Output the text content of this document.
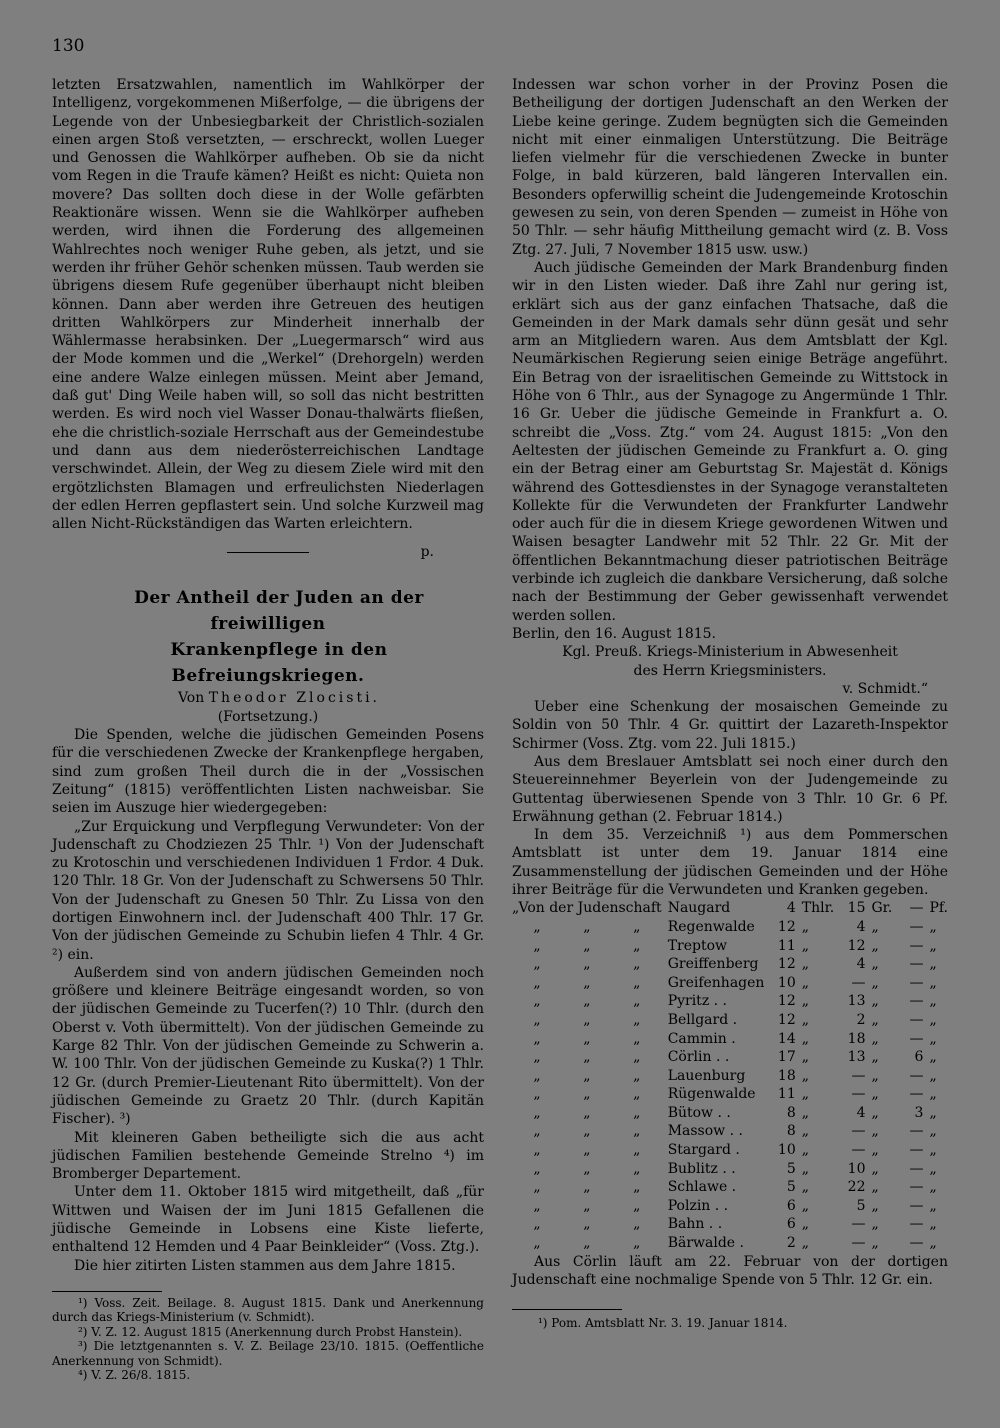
130

letzten Ersatzwahlen, namentlich im Wahlkörper der Intelligenz, vorgekommenen Mißerfolge, — die übrigens der Legende von der Unbesiegbarkeit der Christlich-sozialen einen argen Stoß versetzten, — erschreckt, wollen Lueger und Genossen die Wahlkörper aufheben. Ob sie da nicht vom Regen in die Traufe kämen? Heißt es nicht: Quieta non movere? Das sollten doch diese in der Wolle gefärbten Reaktionäre wissen. Wenn sie die Wahlkörper aufheben werden, wird ihnen die Forderung des allgemeinen Wahlrechtes noch weniger Ruhe geben, als jetzt, und sie werden ihr früher Gehör schenken müssen. Taub werden sie übrigens diesem Rufe gegenüber überhaupt nicht bleiben können. Dann aber werden ihre Getreuen des heutigen dritten Wahlkörpers zur Minderheit innerhalb der Wählermasse herabsinken. Der „Luegermarsch“ wird aus der Mode kommen und die „Werkel“ (Drehorgeln) werden eine andere Walze einlegen müssen. Meint aber Jemand, daß gut' Ding Weile haben will, so soll das nicht bestritten werden. Es wird noch viel Wasser Donau-thalwärts fließen, ehe die christlich-soziale Herrschaft aus der Gemeindestube und dann aus dem niederösterreichischen Landtage verschwindet. Allein, der Weg zu diesem Ziele wird mit den ergötzlichsten Blamagen und erfreulichsten Niederlagen der edlen Herren gepflastert sein. Und solche Kurzweil mag allen Nicht-Rückständigen das Warten erleichtern.

p.

Der Antheil der Juden an der freiwilligen

Krankenpflege in den Befreiungskriegen.

Von Theodor Zlocisti.

(Fortsetzung.)

Die Spenden, welche die jüdischen Gemeinden Posens für die verschiedenen Zwecke der Krankenpflege hergaben, sind zum großen Theil durch die in der „Vossischen Zeitung“ (1815) veröffentlichten Listen nachweisbar. Sie seien im Auszuge hier wiedergegeben:

„Zur Erquickung und Verpflegung Verwundeter: Von der Judenschaft zu Chodziezen 25 Thlr. ¹) Von der Judenschaft zu Krotoschin und verschiedenen Individuen 1 Frdor. 4 Duk. 120 Thlr. 18 Gr. Von der Judenschaft zu Schwersens 50 Thlr. Von der Judenschaft zu Gnesen 50 Thlr. Zu Lissa von den dortigen Einwohnern incl. der Judenschaft 400 Thlr. 17 Gr. Von der jüdischen Gemeinde zu Schubin liefen 4 Thlr. 4 Gr. ²) ein.

Außerdem sind von andern jüdischen Gemeinden noch größere und kleinere Beiträge eingesandt worden, so von der jüdischen Gemeinde zu Tucerfen(?) 10 Thlr. (durch den Oberst v. Voth übermittelt). Von der jüdischen Gemeinde zu Karge 82 Thlr. Von der jüdischen Gemeinde zu Schwerin a. W. 100 Thlr. Von der jüdischen Gemeinde zu Kuska(?) 1 Thlr. 12 Gr. (durch Premier-Lieutenant Rito übermittelt). Von der jüdischen Gemeinde zu Graetz 20 Thlr. (durch Kapitän Fischer). ³)

Mit kleineren Gaben betheiligte sich die aus acht jüdischen Familien bestehende Gemeinde Strelno ⁴) im Bromberger Departement.

Unter dem 11. Oktober 1815 wird mitgetheilt, daß „für Wittwen und Waisen der im Juni 1815 Gefallenen die jüdische Gemeinde in Lobsens eine Kiste lieferte, enthaltend 12 Hemden und 4 Paar Beinkleider“ (Voss. Ztg.).

Die hier zitirten Listen stammen aus dem Jahre 1815.

¹) Voss. Zeit. Beilage. 8. August 1815. Dank und Anerkennung durch das Kriegs-Ministerium (v. Schmidt).

²) V. Z. 12. August 1815 (Anerkennung durch Probst Hanstein).

³) Die letztgenannten s. V. Z. Beilage 23/10. 1815. (Oeffentliche Anerkennung von Schmidt).

⁴) V. Z. 26/8. 1815.

Indessen war schon vorher in der Provinz Posen die Betheiligung der dortigen Judenschaft an den Werken der Liebe keine geringe. Zudem begnügten sich die Gemeinden nicht mit einer einmaligen Unterstützung. Die Beiträge liefen vielmehr für die verschiedenen Zwecke in bunter Folge, in bald kürzeren, bald längeren Intervallen ein. Besonders opferwillig scheint die Judengemeinde Krotoschin gewesen zu sein, von deren Spenden — zumeist in Höhe von 50 Thlr. — sehr häufig Mittheilung gemacht wird (z. B. Voss Ztg. 27. Juli, 7 November 1815 usw. usw.)

Auch jüdische Gemeinden der Mark Brandenburg finden wir in den Listen wieder. Daß ihre Zahl nur gering ist, erklärt sich aus der ganz einfachen Thatsache, daß die Gemeinden in der Mark damals sehr dünn gesät und sehr arm an Mitgliedern waren. Aus dem Amtsblatt der Kgl. Neumärkischen Regierung seien einige Beträge angeführt. Ein Betrag von der israelitischen Gemeinde zu Wittstock in Höhe von 6 Thlr., aus der Synagoge zu Angermünde 1 Thlr. 16 Gr. Ueber die jüdische Gemeinde in Frankfurt a. O. schreibt die „Voss. Ztg.“ vom 24. August 1815: „Von den Aeltesten der jüdischen Gemeinde zu Frankfurt a. O. ging ein der Betrag einer am Geburtstag Sr. Majestät d. Königs während des Gottesdienstes in der Synagoge veranstalteten Kollekte für die Verwundeten der Frankfurter Landwehr oder auch für die in diesem Kriege gewordenen Witwen und Waisen besagter Landwehr mit 52 Thlr. 22 Gr. Mit der öffentlichen Bekanntmachung dieser patriotischen Beiträge verbinde ich zugleich die dankbare Versicherung, daß solche nach der Bestimmung der Geber gewissenhaft verwendet werden sollen.

Berlin, den 16. August 1815.

Kgl. Preuß. Kriegs-Ministerium in Abwesenheit

des Herrn Kriegsministers.

v. Schmidt.“

Ueber eine Schenkung der mosaischen Gemeinde zu Soldin von 50 Thlr. 4 Gr. quittirt der Lazareth-Inspektor Schirmer (Voss. Ztg. vom 22. Juli 1815.)

Aus dem Breslauer Amtsblatt sei noch einer durch den Steuereinnehmer Beyerlein von der Judengemeinde zu Guttentag überwiesenen Spende von 3 Thlr. 10 Gr. 6 Pf. Erwähnung gethan (2. Februar 1814.)

In dem 35. Verzeichniß ¹) aus dem Pommerschen Amtsblatt ist unter dem 19. Januar 1814 eine Zusammenstellung der jüdischen Gemeinden und der Höhe ihrer Beiträge für die Verwundeten und Kranken gegeben.

„Von der Judenschaft			Naugard	4	Thlr.	15	Gr.	—	Pf.
„	„	„	Regenwalde	12	„	4	„	—	„
„	„	„	Treptow	11	„	12	„	—	„
„	„	„	Greiffenberg	12	„	4	„	—	„
„	„	„	Greifenhagen	10	„	—	„	—	„
„	„	„	Pyritz . .	12	„	13	„	—	„
„	„	„	Bellgard .	12	„	2	„	—	„
„	„	„	Cammin .	14	„	18	„	—	„
„	„	„	Cörlin . .	17	„	13	„	6	„
„	„	„	Lauenburg	18	„	—	„	—	„
„	„	„	Rügenwalde	11	„	—	„	—	„
„	„	„	Bütow . .	8	„	4	„	3	„
„	„	„	Massow . .	8	„	—	„	—	„
„	„	„	Stargard .	10	„	—	„	—	„
„	„	„	Bublitz . .	5	„	10	„	—	„
„	„	„	Schlawe .	5	„	22	„	—	„
„	„	„	Polzin . .	6	„	5	„	—	„
„	„	„	Bahn . .	6	„	—	„	—	„
„	„	„	Bärwalde .	2	„	—	„	—	„

Aus Cörlin läuft am 22. Februar von der dortigen Judenschaft eine nochmalige Spende von 5 Thlr. 12 Gr. ein.

¹) Pom. Amtsblatt Nr. 3. 19. Januar 1814.
